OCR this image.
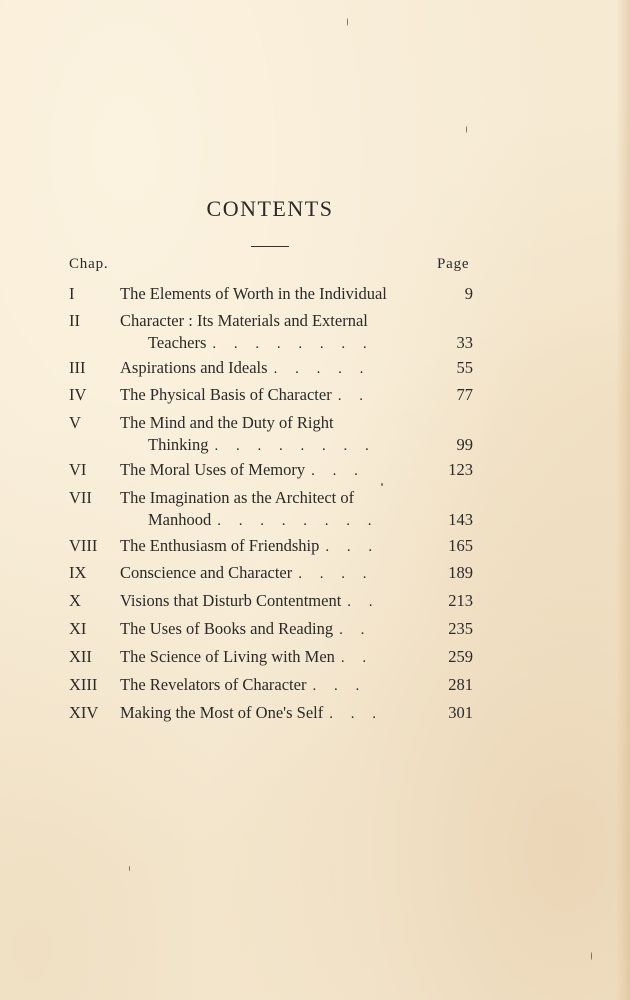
CONTENTS
Chap.	Page
I	The Elements of Worth in the Individual	9
II	Character : Its Materials and External
Teachers . . . . . . . .	33
III	Aspirations and Ideals . . . . .	55
IV	The Physical Basis of Character . .	77
V	The Mind and the Duty of Right
Thinking . . . . . . . .	99
VI	The Moral Uses of Memory . . .	123
VII	The Imagination as the Architect of
Manhood . . . . . . . .	143
VIII	The Enthusiasm of Friendship . . .	165
IX	Conscience and Character . . . .	189
X	Visions that Disturb Contentment . .	213
XI	The Uses of Books and Reading . .	235
XII	The Science of Living with Men . .	259
XIII	The Revelators of Character . . .	281
XIV	Making the Most of One's Self . . .	301
